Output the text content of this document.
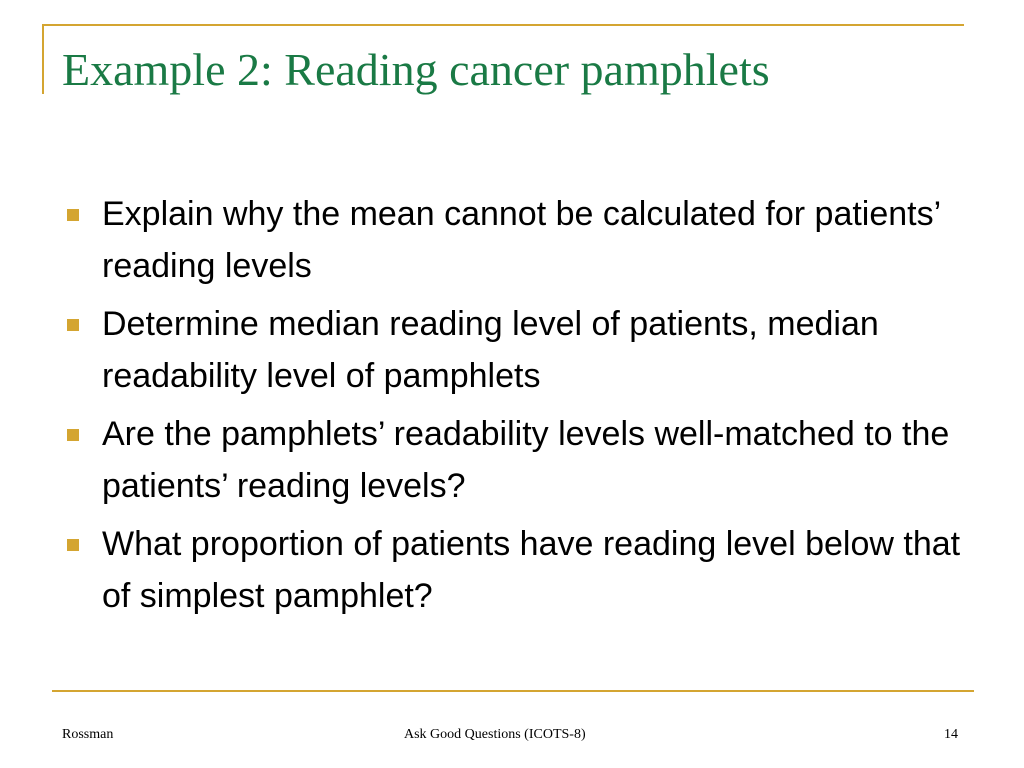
Example 2: Reading cancer pamphlets
Explain why the mean cannot be calculated for patients’ reading levels
Determine median reading level of patients, median readability level of pamphlets
Are the pamphlets’ readability levels well-matched to the patients’ reading levels?
What proportion of patients have reading level below that of simplest pamphlet?
Rossman	Ask Good Questions (ICOTS-8)	14
